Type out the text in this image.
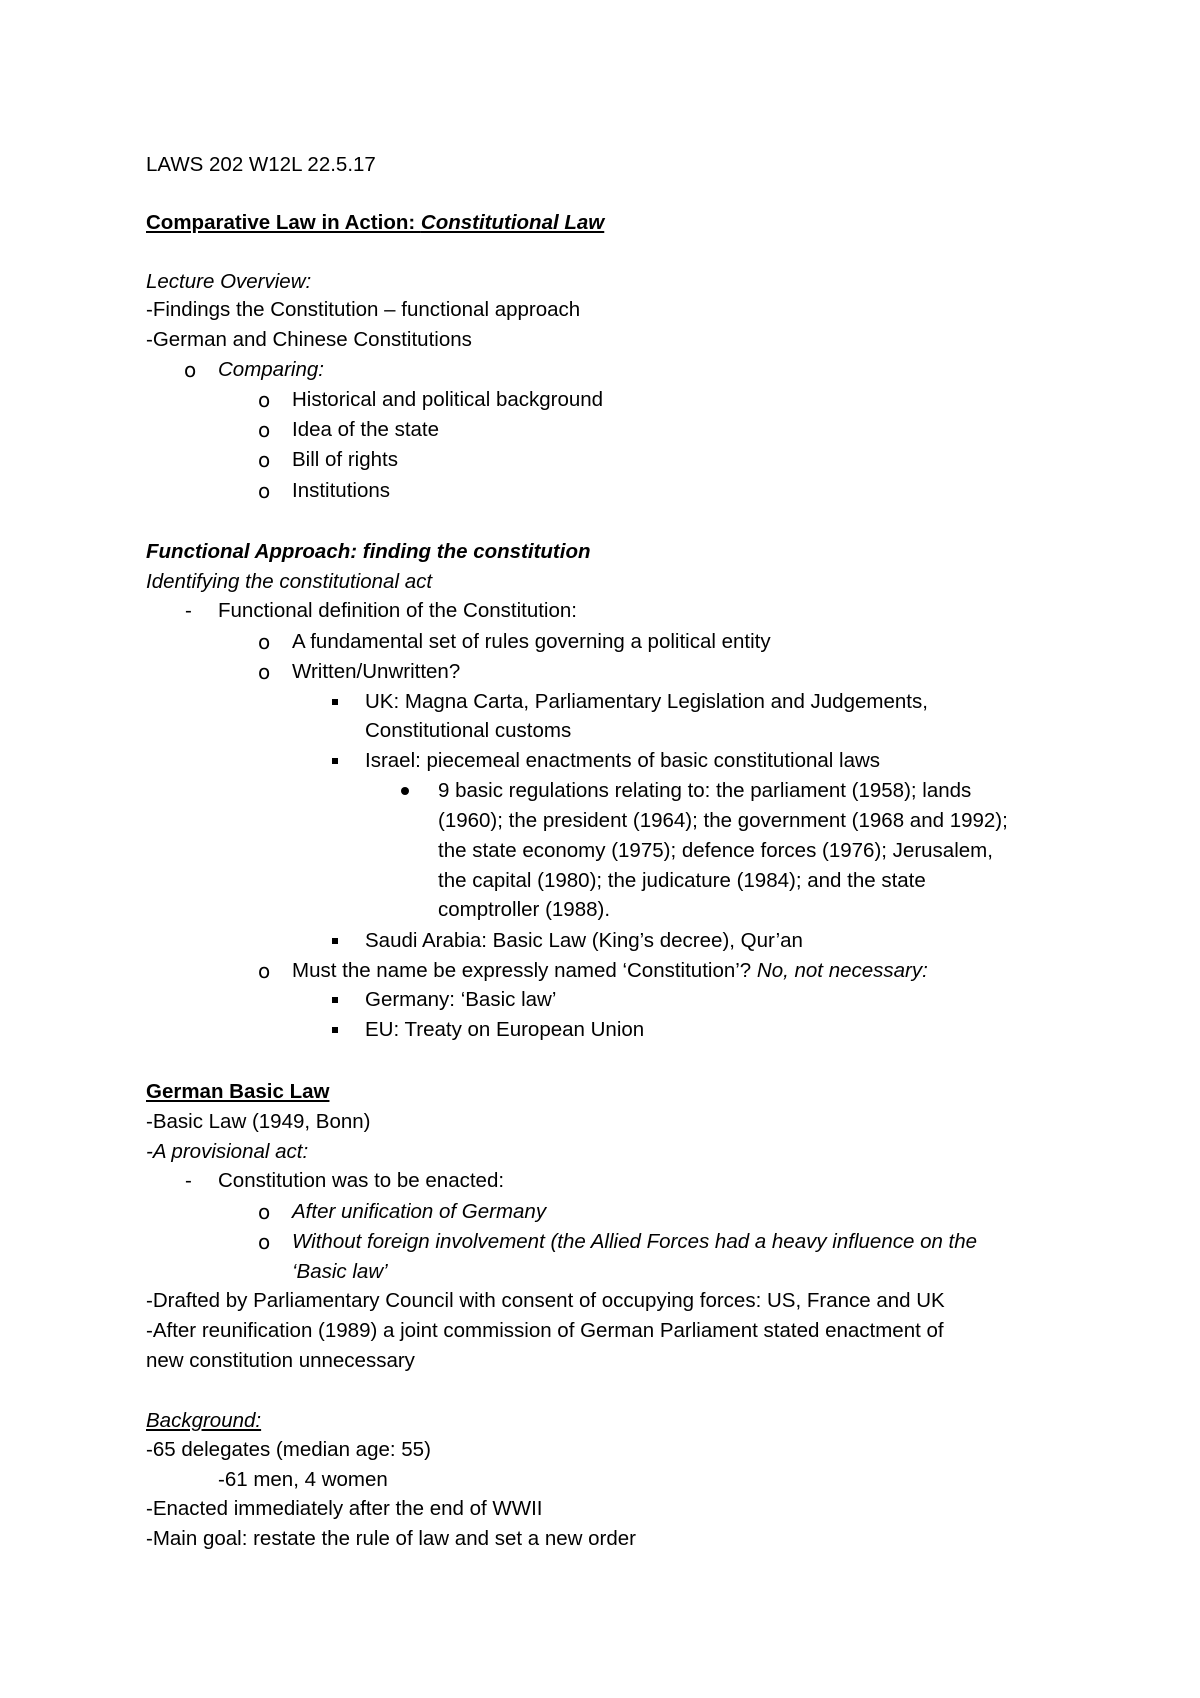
LAWS 202 W12L 22.5.17
Comparative Law in Action: Constitutional Law
Lecture Overview:
-Findings the Constitution – functional approach
-German and Chinese Constitutions
o Comparing:
o Historical and political background
o Idea of the state
o Bill of rights
o Institutions
Functional Approach: finding the constitution
Identifying the constitutional act
- Functional definition of the Constitution:
o A fundamental set of rules governing a political entity
o Written/Unwritten?
UK: Magna Carta, Parliamentary Legislation and Judgements,
Constitutional customs
Israel: piecemeal enactments of basic constitutional laws
9 basic regulations relating to: the parliament (1958); lands
(1960); the president (1964); the government (1968 and 1992);
the state economy (1975); defence forces (1976); Jerusalem,
the capital (1980); the judicature (1984); and the state
comptroller (1988).
Saudi Arabia: Basic Law (King’s decree), Qur’an
o Must the name be expressly named ‘Constitution’? No, not necessary:
Germany: ‘Basic law’
EU: Treaty on European Union
German Basic Law
-Basic Law (1949, Bonn)
-A provisional act:
- Constitution was to be enacted:
o After unification of Germany
o Without foreign involvement (the Allied Forces had a heavy influence on the
‘Basic law’
-Drafted by Parliamentary Council with consent of occupying forces: US, France and UK
-After reunification (1989) a joint commission of German Parliament stated enactment of
new constitution unnecessary
Background:
-65 delegates (median age: 55)
-61 men, 4 women
-Enacted immediately after the end of WWII
-Main goal: restate the rule of law and set a new order
